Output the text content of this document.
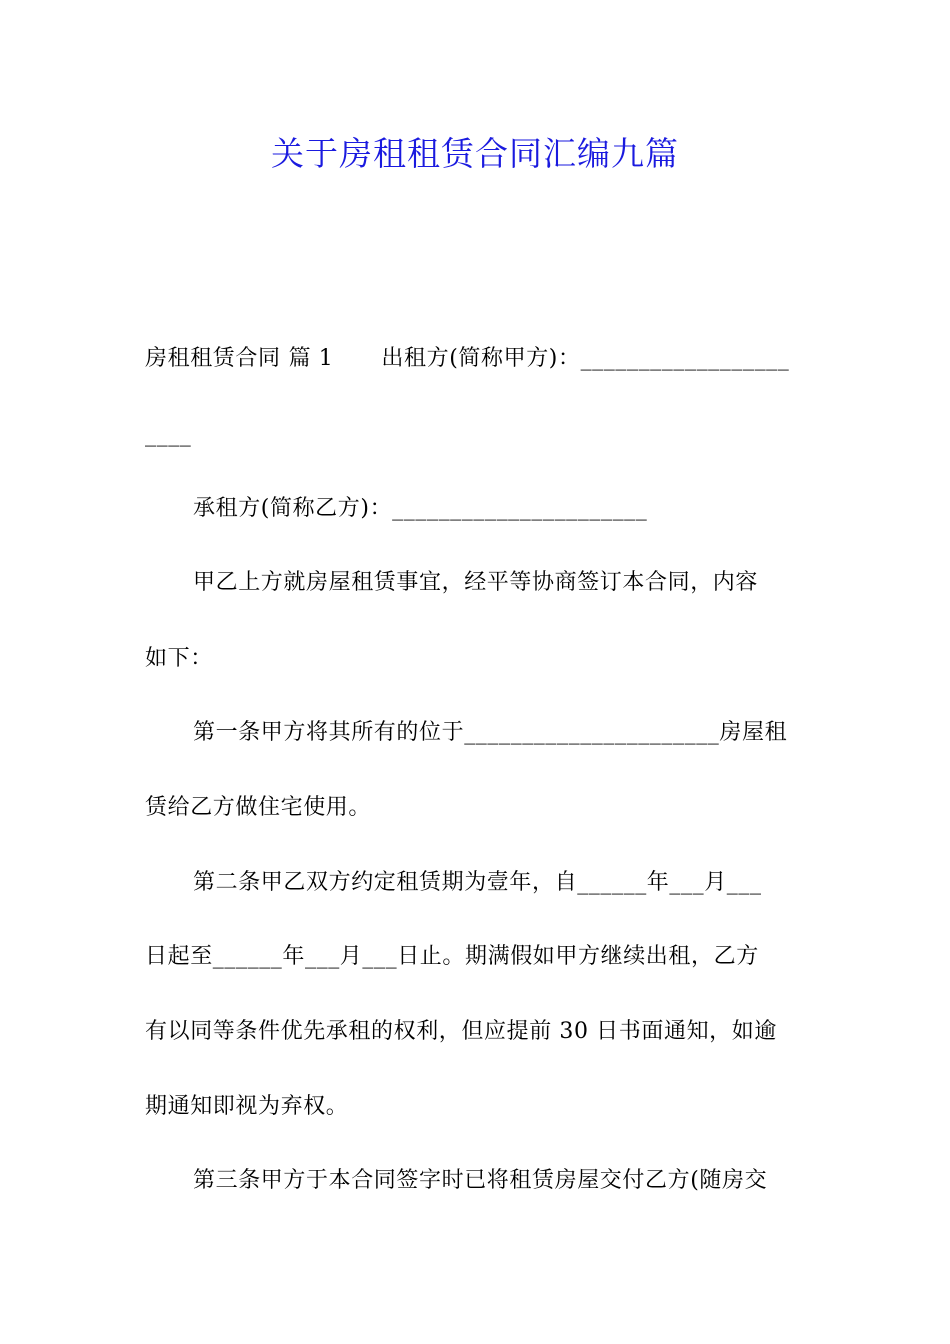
关于房租租赁合同汇编九篇
房租租赁合同 篇 1 出租方(简称甲方)：__________________
____
承租方(简称乙方)：______________________
甲乙上方就房屋租赁事宜，经平等协商签订本合同，内容
如下：
第一条甲方将其所有的位于______________________房屋租
赁给乙方做住宅使用。
第二条甲乙双方约定租赁期为壹年，自______年___月___
日起至______年___月___日止。期满假如甲方继续出租，乙方
有以同等条件优先承租的权利，但应提前 30 日书面通知，如逾
期通知即视为弃权。
第三条甲方于本合同签字时已将租赁房屋交付乙方(随房交
